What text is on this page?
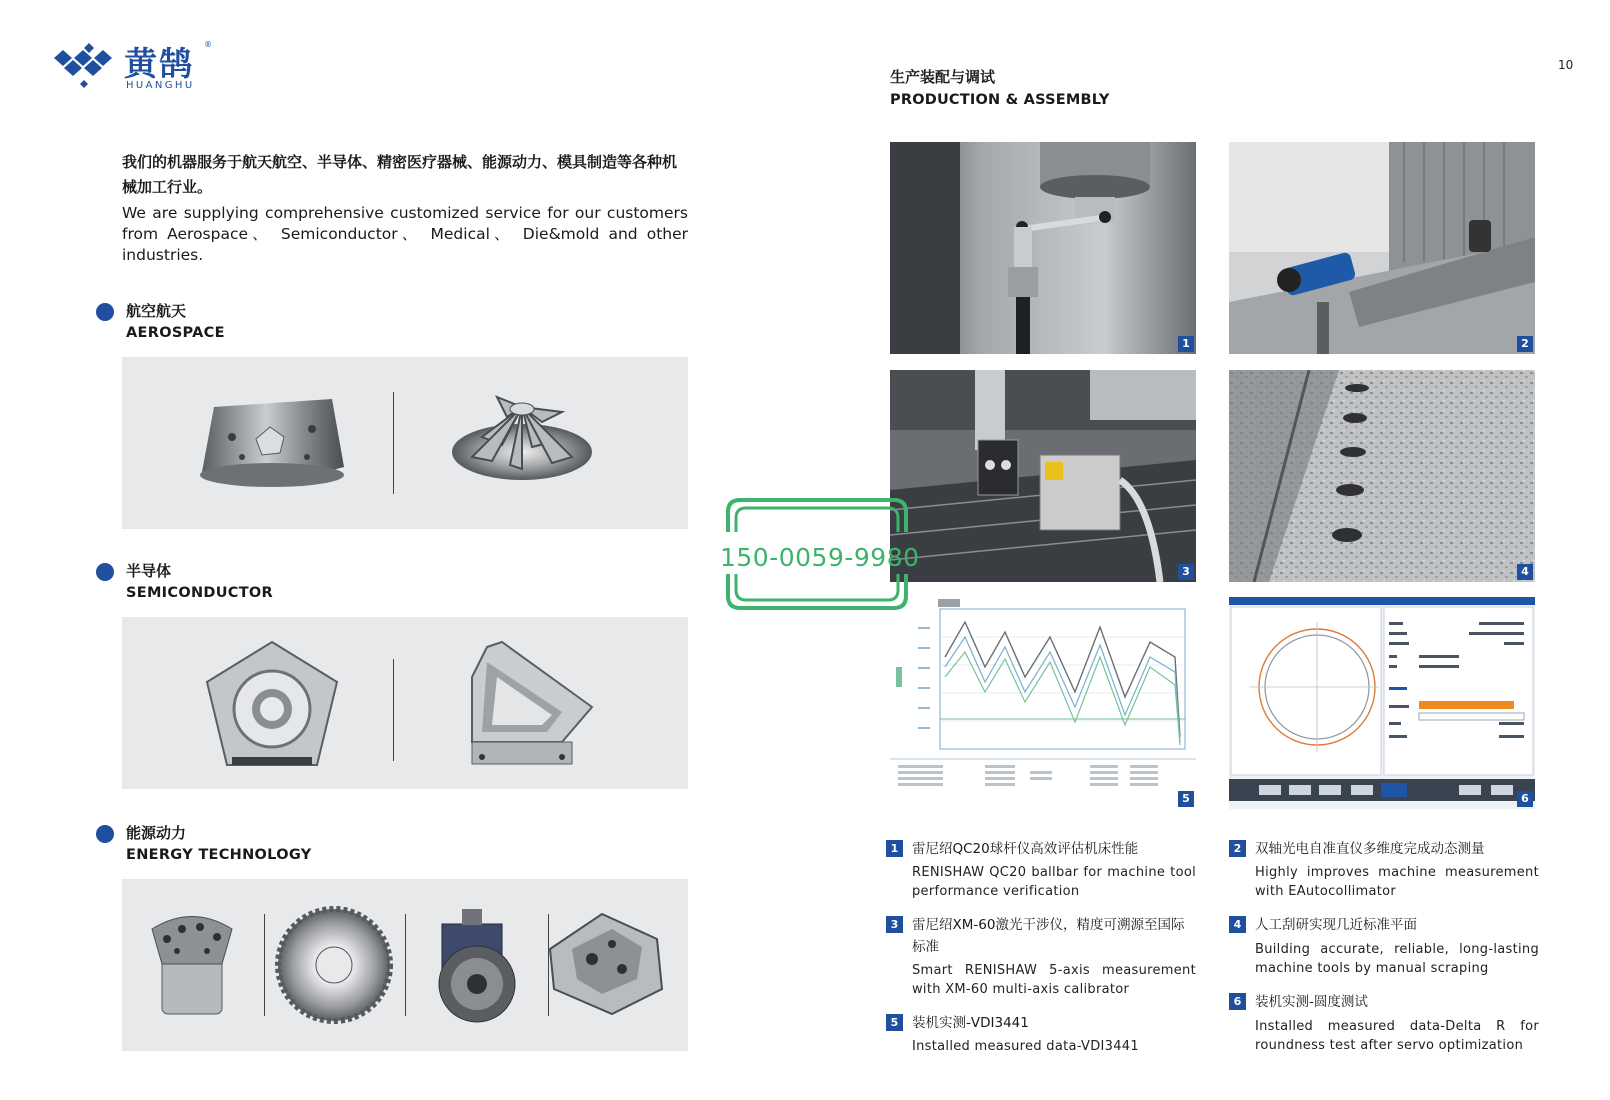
黄鹄 ®
HUANGHU
我们的机器服务于航天航空、半导体、精密医疗器械、能源动力、模具制造等各种机械加工行业。
We are supplying comprehensive customized service for our customers from Aerospace、 Semiconductor、 Medical、 Die&mold and other industries.
航空航天
AEROSPACE
半导体
SEMICONDUCTOR
能源动力
ENERGY TECHNOLOGY
10
生产装配与调试
PRODUCTION & ASSEMBLY
1	2
3	4
5	6
1	雷尼绍QC20球杆仪高效评估机床性能
RENISHAW QC20 ballbar for machine tool performance verification
2	双轴光电自准直仪多维度完成动态测量
Highly improves machine measurement with EAutocollimator
3	雷尼绍XM-60激光干涉仪，精度可溯源至国际标准
Smart RENISHAW 5-axis measurement with XM-60 multi-axis calibrator
4	人工刮研实现几近标准平面
Building accurate, reliable, long-lasting machine tools by manual scraping
5	装机实测-VDI3441
Installed measured data-VDI3441
6	装机实测-圆度测试
Installed measured data-Delta R for roundness test after servo optimization
150-0059-9980
